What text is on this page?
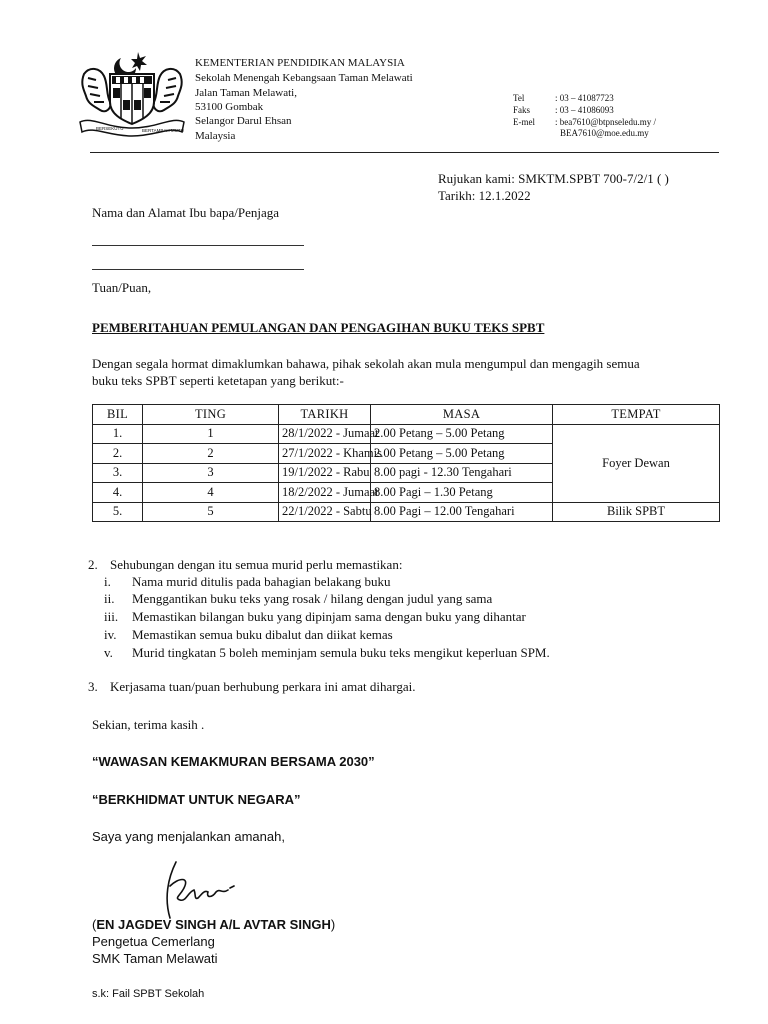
BERSEKUTU	BERTAMBAH MUTU
KEMENTERIAN PENDIDIKAN MALAYSIA
Sekolah Menengah Kebangsaan Taman Melawati
Jalan Taman Melawati,
53100 Gombak
Selangor Darul Ehsan
Malaysia
Tel	: 03 – 41087723
Faks	: 03 – 41086093
E-mel : bea7610@btpnseledu.my /
BEA7610@moe.edu.my
Rujukan kami: SMKTM.SPBT 700-7/2/1 ( )
Tarikh: 12.1.2022
Nama dan Alamat Ibu bapa/Penjaga
Tuan/Puan,
PEMBERITAHUAN PEMULANGAN DAN PENGAGIHAN BUKU TEKS SPBT
Dengan segala hormat dimaklumkan bahawa, pihak sekolah akan mula mengumpul dan mengagih semua
buku teks SPBT seperti ketetapan yang berikut:-
BIL	TING	TARIKH	MASA	TEMPAT
1.	1	28/1/2022 - Jumaat	2.00 Petang – 5.00 Petang	Foyer Dewan
2.	2	27/1/2022 - Khamis	2.00 Petang – 5.00 Petang	
3.	3	19/1/2022 - Rabu	8.00 pagi - 12.30 Tengahari	
4.	4	18/2/2022 - Jumaat	8.00 Pagi – 1.30 Petang	
5.	5	22/1/2022 - Sabtu	8.00 Pagi – 12.00 Tengahari	Bilik SPBT
2. Sehubungan dengan itu semua murid perlu memastikan:
i. Nama murid ditulis pada bahagian belakang buku
ii. Menggantikan buku teks yang rosak / hilang dengan judul yang sama
iii. Memastikan bilangan buku yang dipinjam sama dengan buku yang dihantar
iv. Memastikan semua buku dibalut dan diikat kemas
v. Murid tingkatan 5 boleh meminjam semula buku teks mengikut keperluan SPM.
3. Kerjasama tuan/puan berhubung perkara ini amat dihargai.
Sekian, terima kasih .
“WAWASAN KEMAKMURAN BERSAMA 2030”
“BERKHIDMAT UNTUK NEGARA”
Saya yang menjalankan amanah,
(EN JAGDEV SINGH A/L AVTAR SINGH)
Pengetua Cemerlang
SMK Taman Melawati
s.k: Fail SPBT Sekolah
